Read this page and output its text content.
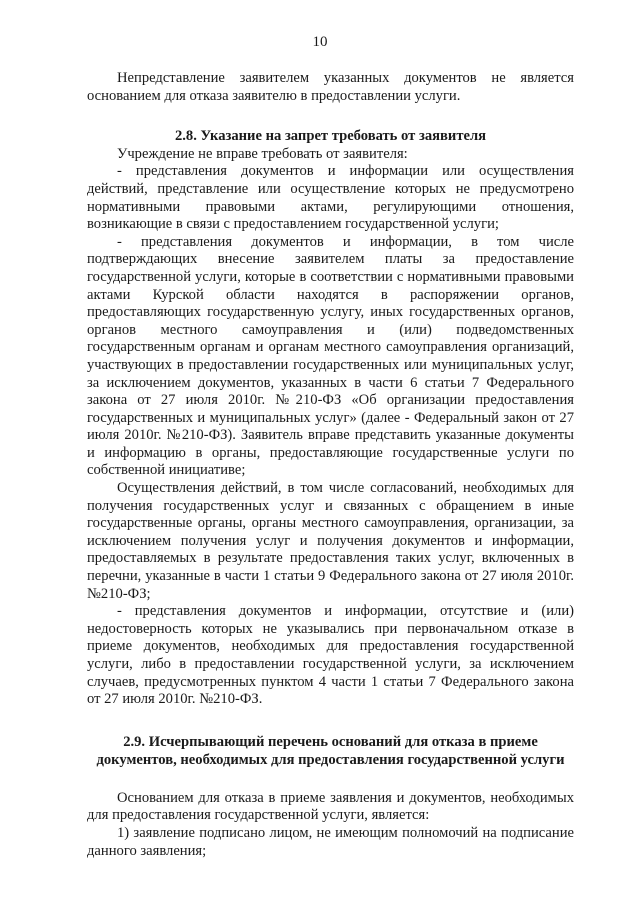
10

Непредставление заявителем указанных документов не является основанием для отказа заявителю в предоставлении услуги.

2.8. Указание на запрет требовать от заявителя

Учреждение не вправе требовать от заявителя:

- представления документов и информации или осуществления действий, представление или осуществление которых не предусмотрено нормативными правовыми актами, регулирующими отношения, возникающие в связи с предоставлением государственной услуги;

- представления документов и информации, в том числе подтверждающих внесение заявителем платы за предоставление государственной услуги, которые в соответствии с нормативными правовыми актами Курской области находятся в распоряжении органов, предоставляющих государственную услугу, иных государственных органов, органов местного самоуправления и (или) подведомственных государственным органам и органам местного самоуправления организаций, участвующих в предоставлении государственных или муниципальных услуг, за исключением документов, указанных в части 6 статьи 7 Федерального закона от 27 июля 2010г. №210-ФЗ «Об организации предоставления государственных и муниципальных услуг» (далее - Федеральный закон от 27 июля 2010г. №210-ФЗ). Заявитель вправе представить указанные документы и информацию в органы, предоставляющие государственные услуги по собственной инициативе;

Осуществления действий, в том числе согласований, необходимых для получения государственных услуг и связанных с обращением в иные государственные органы, органы местного самоуправления, организации, за исключением получения услуг и получения документов и информации, предоставляемых в результате предоставления таких услуг, включенных в перечни, указанные в части 1 статьи 9 Федерального закона от 27 июля 2010г. №210-ФЗ;

- представления документов и информации, отсутствие и (или) недостоверность которых не указывались при первоначальном отказе в приеме документов, необходимых для предоставления государственной услуги, либо в предоставлении государственной услуги, за исключением случаев, предусмотренных пунктом 4 части 1 статьи 7 Федерального закона от 27 июля 2010г. №210-ФЗ.

2.9. Исчерпывающий перечень оснований для отказа в приеме

документов, необходимых для предоставления государственной услуги

Основанием для отказа в приеме заявления и документов, необходимых для предоставления государственной услуги, является:

1) заявление подписано лицом, не имеющим полномочий на подписание данного заявления;
